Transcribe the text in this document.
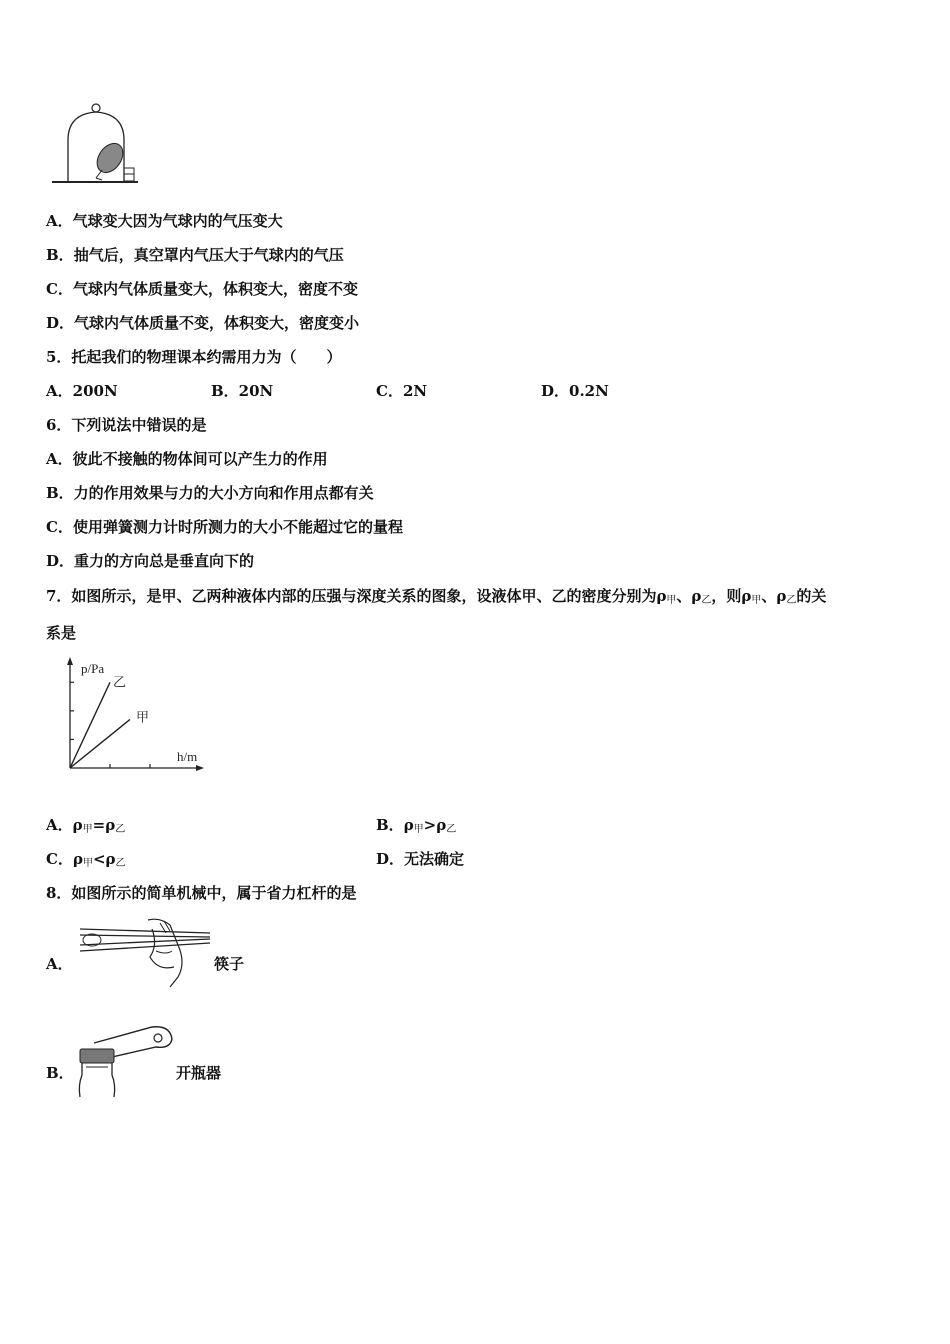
A．气球变大因为气球内的气压变大
B．抽气后，真空罩内气压大于气球内的气压
C．气球内气体质量变大，体积变大，密度不变
D．气球内气体质量不变，体积变大，密度变小
5．托起我们的物理课本约需用力为（　　）
A．200N	B．20N	C．2N	D．0.2N
6．下列说法中错误的是
A．彼此不接触的物体间可以产生力的作用
B．力的作用效果与力的大小方向和作用点都有关
C．使用弹簧测力计时所测力的大小不能超过它的量程
D．重力的方向总是垂直向下的
7．如图所示，是甲、乙两种液体内部的压强与深度关系的图象，设液体甲、乙的密度分别为$\rho_甲$、$\rho_乙$，则$\rho_甲$、$\rho_乙$的关
系是
p/Pa
h/m
乙
甲
A．$\rho_甲=\rho_乙$	B．$\rho_甲>\rho_乙$
C．$\rho_甲<\rho_乙$	D．无法确定
8．如图所示的简单机械中，属于省力杠杆的是
A．	筷子
B．	开瓶器
